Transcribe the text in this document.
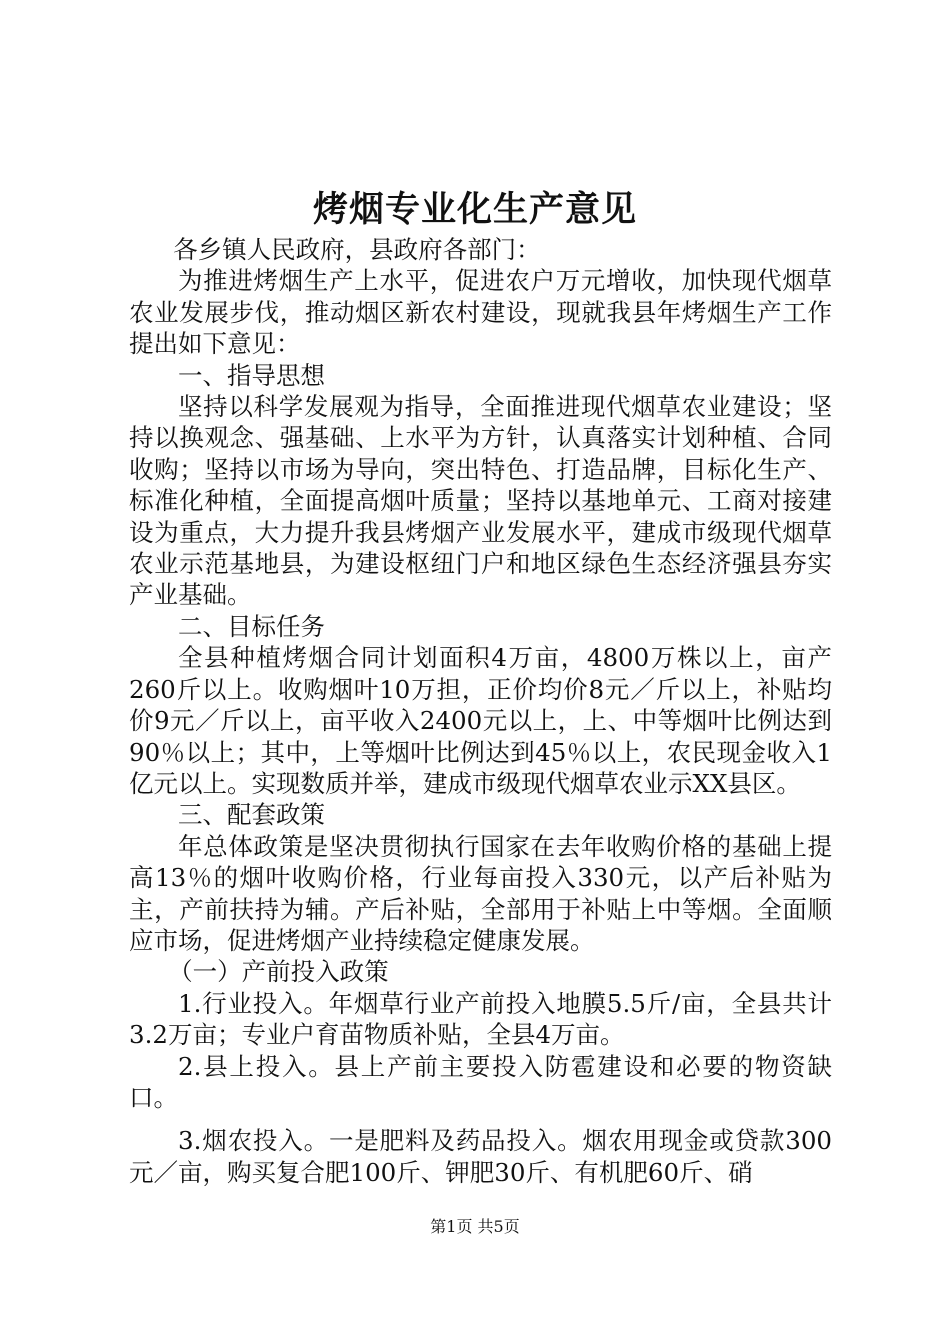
烤烟专业化生产意见

各乡镇人民政府，县政府各部门：

为推进烤烟生产上水平，促进农户万元增收，加快现代烟草农业发展步伐，推动烟区新农村建设，现就我县年烤烟生产工作提出如下意见：

一、指导思想

坚持以科学发展观为指导，全面推进现代烟草农业建设；坚持以换观念、强基础、上水平为方针，认真落实计划种植、合同收购；坚持以市场为导向，突出特色、打造品牌，目标化生产、标准化种植，全面提高烟叶质量；坚持以基地单元、工商对接建设为重点，大力提升我县烤烟产业发展水平，建成市级现代烟草农业示范基地县，为建设枢纽门户和地区绿色生态经济强县夯实产业基础。

二、目标任务

全县种植烤烟合同计划面积4万亩，4800万株以上，亩产260斤以上。收购烟叶10万担，正价均价8元／斤以上，补贴均价9元／斤以上，亩平收入2400元以上，上、中等烟叶比例达到90％以上；其中，上等烟叶比例达到45％以上，农民现金收入1亿元以上。实现数质并举，建成市级现代烟草农业示XX县区。

三、配套政策

年总体政策是坚决贯彻执行国家在去年收购价格的基础上提高13％的烟叶收购价格，行业每亩投入330元，以产后补贴为主，产前扶持为辅。产后补贴，全部用于补贴上中等烟。全面顺应市场，促进烤烟产业持续稳定健康发展。

（一）产前投入政策

1.行业投入。年烟草行业产前投入地膜5.5斤/亩，全县共计3.2万亩；专业户育苗物质补贴，全县4万亩。

2.县上投入。县上产前主要投入防雹建设和必要的物资缺口。

3.烟农投入。一是肥料及药品投入。烟农用现金或贷款300元／亩，购买复合肥100斤、钾肥30斤、有机肥60斤、硝

第1页 共5页
